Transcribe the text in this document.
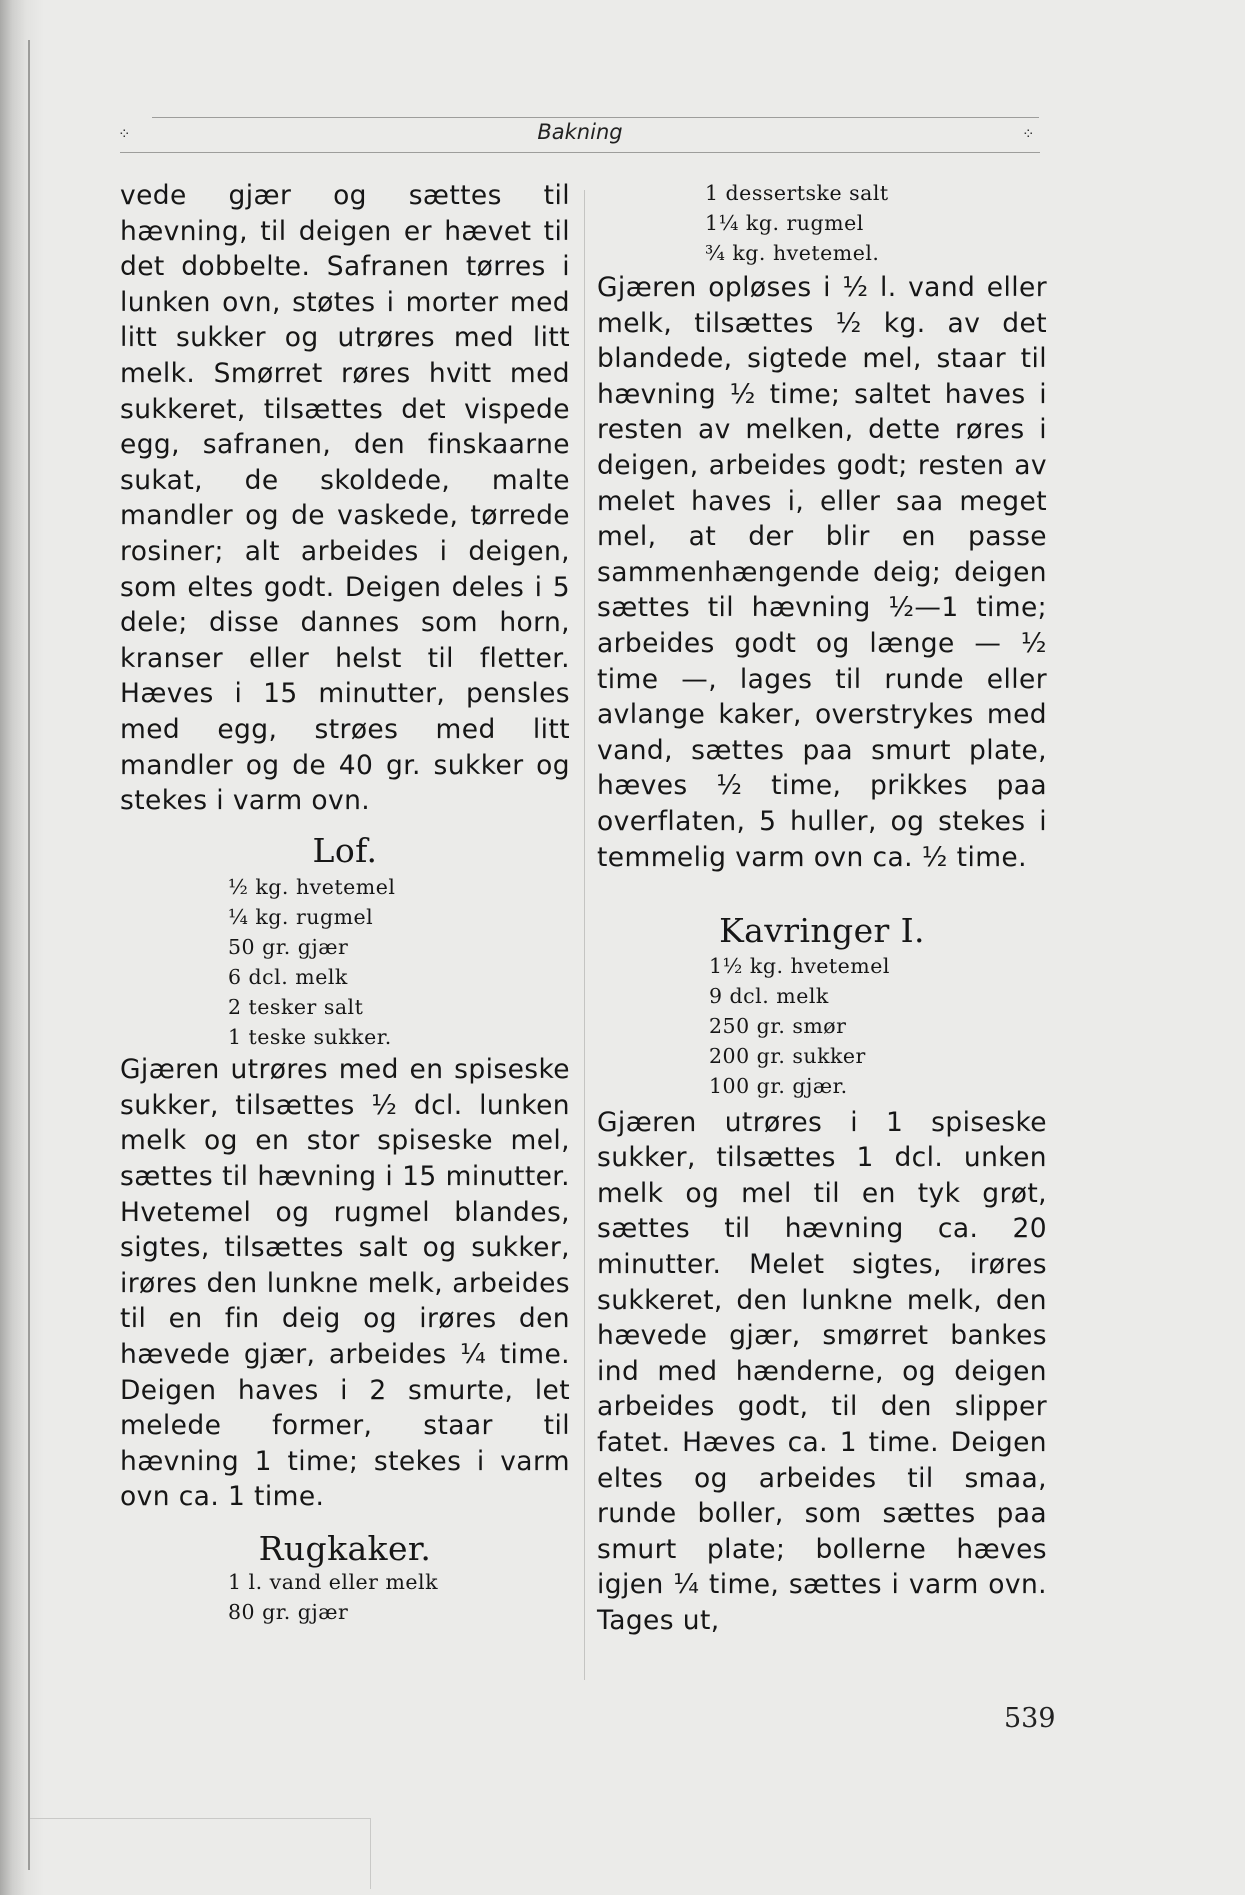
⁘	Bakning	⁘

vede gjær og sættes til hævning, til deigen er hævet til det dobbelte. Safranen tørres i lunken ovn, støtes i morter med litt sukker og utrøres med litt melk. Smørret røres hvitt med sukkeret, tilsættes det vispede egg, safranen, den finskaarne sukat, de skoldede, malte mandler og de vaskede, tørrede rosiner; alt arbeides i deigen, som eltes godt. Deigen deles i 5 dele; disse dannes som horn, kranser eller helst til fletter. Hæves i 15 minutter, pensles med egg, strøes med litt mandler og de 40 gr. sukker og stekes i varm ovn.

Lof.
½ kg. hvetemel
¼ kg. rugmel
50 gr. gjær
6 dcl. melk
2 tesker salt
1 teske sukker.

Gjæren utrøres med en spiseske sukker, tilsættes ½ dcl. lunken melk og en stor spiseske mel, sættes til hævning i 15 minutter. Hvetemel og rugmel blandes, sigtes, tilsættes salt og sukker, irøres den lunkne melk, arbeides til en fin deig og irøres den hævede gjær, arbeides ¼ time. Deigen haves i 2 smurte, let melede former, staar til hævning 1 time; stekes i varm ovn ca. 1 time.

Rugkaker.
1 l. vand eller melk
80 gr. gjær
1 dessertske salt
1¼ kg. rugmel
¾ kg. hvetemel.

Gjæren opløses i ½ l. vand eller melk, tilsættes ½ kg. av det blandede, sigtede mel, staar til hævning ½ time; saltet haves i resten av melken, dette røres i deigen, arbeides godt; resten av melet haves i, eller saa meget mel, at der blir en passe sammenhængende deig; deigen sættes til hævning ½—1 time; arbeides godt og længe — ½ time —, lages til runde eller avlange kaker, overstrykes med vand, sættes paa smurt plate, hæves ½ time, prikkes paa overflaten, 5 huller, og stekes i temmelig varm ovn ca. ½ time.

Kavringer I.
1½ kg. hvetemel
9 dcl. melk
250 gr. smør
200 gr. sukker
100 gr. gjær.

Gjæren utrøres i 1 spiseske sukker, tilsættes 1 dcl. unken melk og mel til en tyk grøt, sættes til hævning ca. 20 minutter. Melet sigtes, irøres sukkeret, den lunkne melk, den hævede gjær, smørret bankes ind med hænderne, og deigen arbeides godt, til den slipper fatet. Hæves ca. 1 time. Deigen eltes og arbeides til smaa, runde boller, som sættes paa smurt plate; bollerne hæves igjen ¼ time, sættes i varm ovn. Tages ut,

539
